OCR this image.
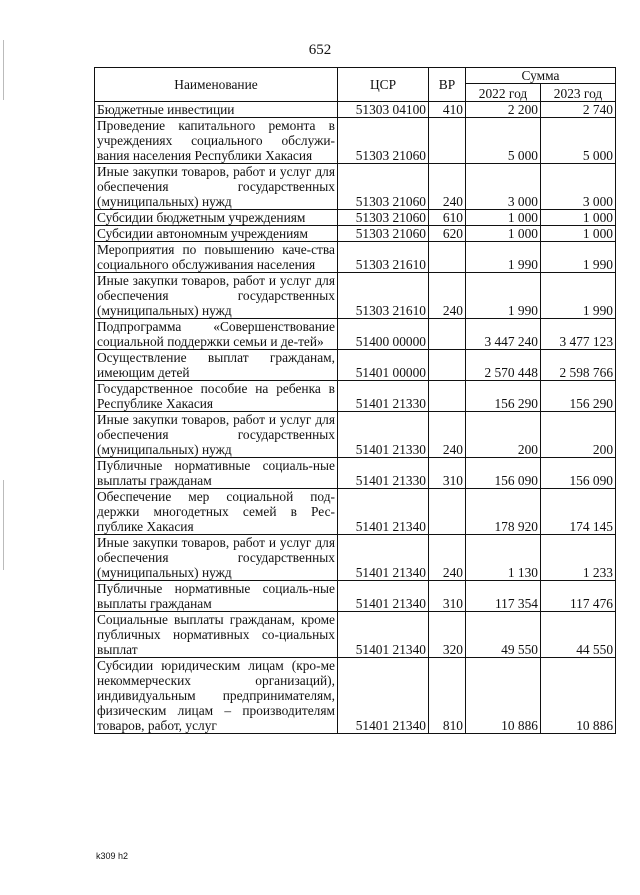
652
Наименование	ЦСР	ВР	Сумма	
			2022 год	2023 год
Бюджетные инвестиции	51303 04100	410	2 200	2 740
Проведение капитального ремонта в учреждениях социального обслужи-вания населения Республики Хакасия	51303 21060		5 000	5 000
Иные закупки товаров, работ и услуг для обеспечения государственных (муниципальных) нужд	51303 21060	240	3 000	3 000
Субсидии бюджетным учреждениям	51303 21060	610	1 000	1 000
Субсидии автономным учреждениям	51303 21060	620	1 000	1 000
Мероприятия по повышению каче-ства социального обслуживания населения	51303 21610		1 990	1 990
Иные закупки товаров, работ и услуг для обеспечения государственных (муниципальных) нужд	51303 21610	240	1 990	1 990
Подпрограмма «Совершенствование социальной поддержки семьи и де-тей»	51400 00000		3 447 240	3 477 123
Осуществление выплат гражданам, имеющим детей	51401 00000		2 570 448	2 598 766
Государственное пособие на ребенка в Республике Хакасия	51401 21330		156 290	156 290
Иные закупки товаров, работ и услуг для обеспечения государственных (муниципальных) нужд	51401 21330	240	200	200
Публичные нормативные социаль-ные выплаты гражданам	51401 21330	310	156 090	156 090
Обеспечение мер социальной под-держки многодетных семей в Рес-публике Хакасия	51401 21340		178 920	174 145
Иные закупки товаров, работ и услуг для обеспечения государственных (муниципальных) нужд	51401 21340	240	1 130	1 233
Публичные нормативные социаль-ные выплаты гражданам	51401 21340	310	117 354	117 476
Социальные выплаты гражданам, кроме публичных нормативных со-циальных выплат	51401 21340	320	49 550	44 550
Субсидии юридическим лицам (кро-ме некоммерческих организаций), индивидуальным предпринимателям, физическим лицам – производителям товаров, работ, услуг	51401 21340	810	10 886	10 886
k309 h2
